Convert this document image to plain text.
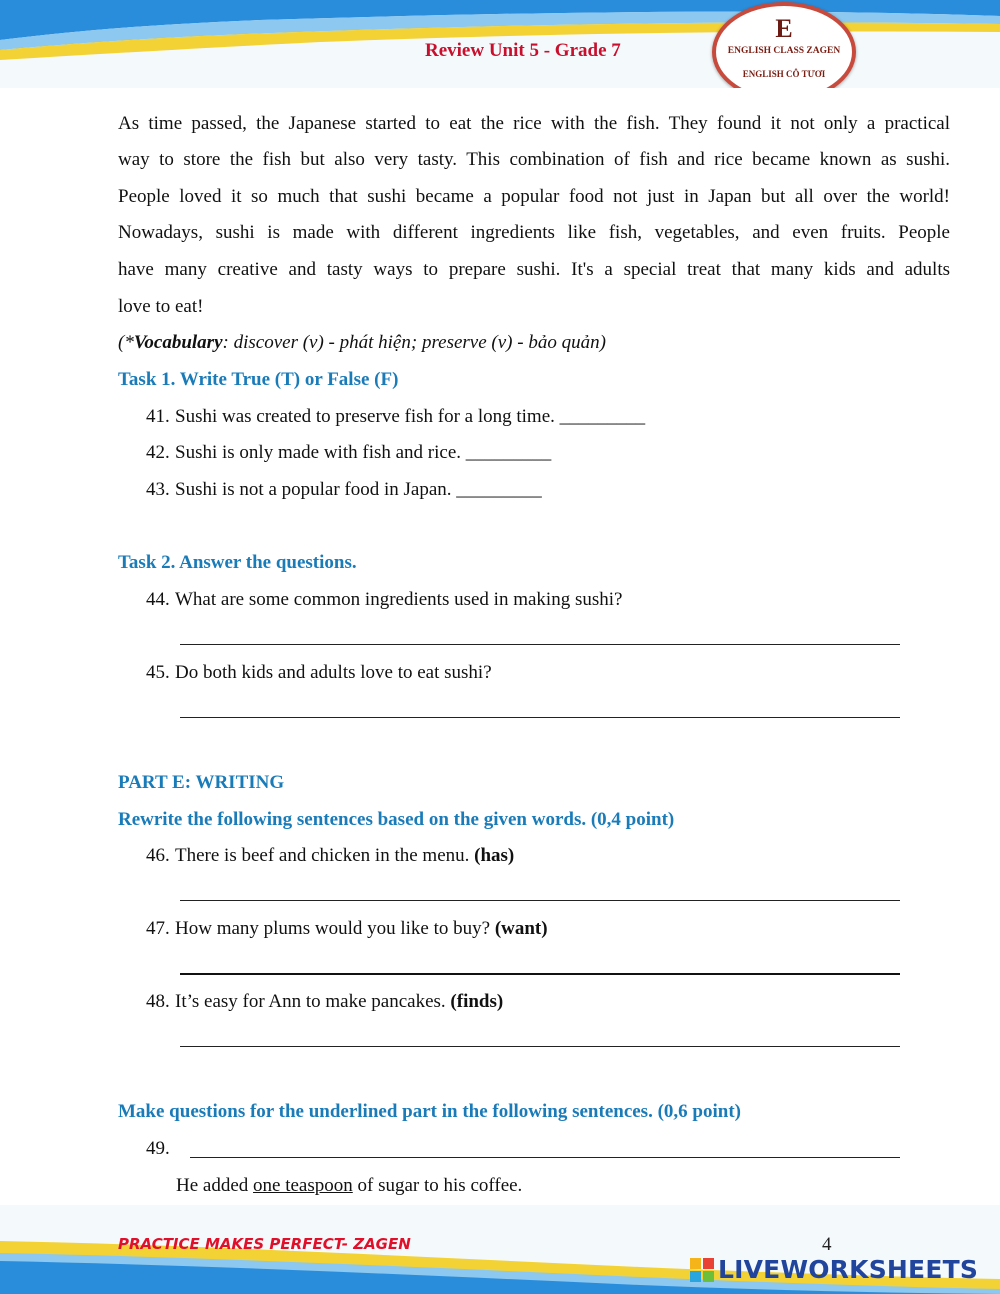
Review Unit 5 - Grade 7
E
ENGLISH CLASS ZAGEN
ENGLISH CÔ TƯƠI
As time passed, the Japanese started to eat the rice with the fish. They found it not only a practical
way to store the fish but also very tasty. This combination of fish and rice became known as sushi.
People loved it so much that sushi became a popular food not just in Japan but all over the world!
Nowadays, sushi is made with different ingredients like fish, vegetables, and even fruits. People
have many creative and tasty ways to prepare sushi. It's a special treat that many kids and adults
love to eat!
(*Vocabulary: discover (v) - phát hiện; preserve (v) - bảo quản)
Task 1. Write True (T) or False (F)
41. Sushi was created to preserve fish for a long time. _________
42. Sushi is only made with fish and rice. _________
43. Sushi is not a popular food in Japan. _________
Task 2. Answer the questions.
44. What are some common ingredients used in making sushi?
45. Do both kids and adults love to eat sushi?
PART E: WRITING
Rewrite the following sentences based on the given words. (0,4 point)
46. There is beef and chicken in the menu. (has)
47. How many plums would you like to buy? (want)
48. It’s easy for Ann to make pancakes. (finds)
Make questions for the underlined part in the following sentences. (0,6 point)
49.
He added one teaspoon of sugar to his coffee.
PRACTICE MAKES PERFECT- ZAGEN	4
LIVEWORKSHEETS
